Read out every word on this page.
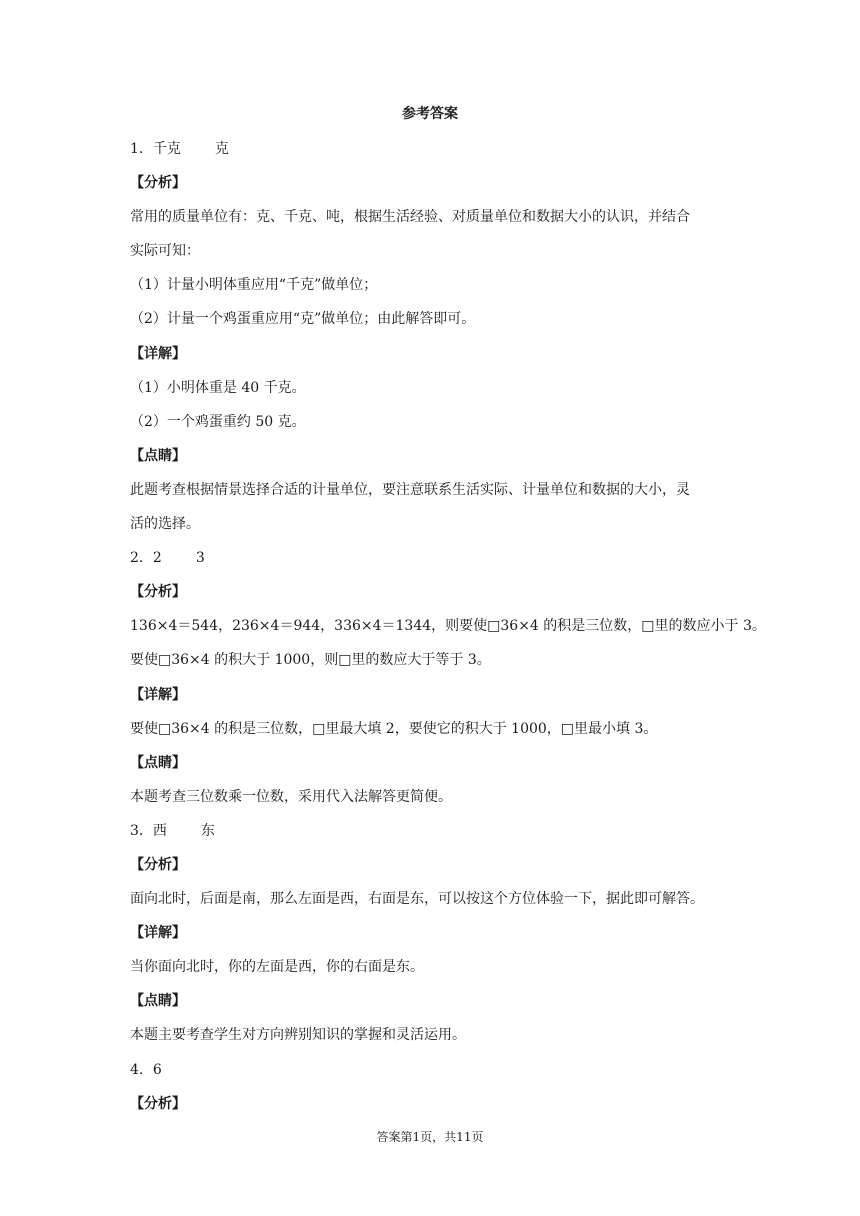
参考答案
1．千克 克
【分析】
常用的质量单位有：克、千克、吨，根据生活经验、对质量单位和数据大小的认识，并结合
实际可知：
（1）计量小明体重应用“千克”做单位；
（2）计量一个鸡蛋重应用“克”做单位；由此解答即可。
【详解】
（1）小明体重是 40 千克。
（2）一个鸡蛋重约 50 克。
【点睛】
此题考查根据情景选择合适的计量单位，要注意联系生活实际、计量单位和数据的大小，灵
活的选择。
2．2 3
【分析】
136×4＝544，236×4＝944，336×4＝1344，则要使□36×4 的积是三位数，□里的数应小于 3。
要使□36×4 的积大于 1000，则□里的数应大于等于 3。
【详解】
要使□36×4 的积是三位数，□里最大填 2，要使它的积大于 1000，□里最小填 3。
【点睛】
本题考查三位数乘一位数，采用代入法解答更简便。
3．西 东
【分析】
面向北时，后面是南，那么左面是西，右面是东，可以按这个方位体验一下，据此即可解答。
【详解】
当你面向北时，你的左面是西，你的右面是东。
【点睛】
本题主要考查学生对方向辨别知识的掌握和灵活运用。
4．6
【分析】
答案第1页，共11页
